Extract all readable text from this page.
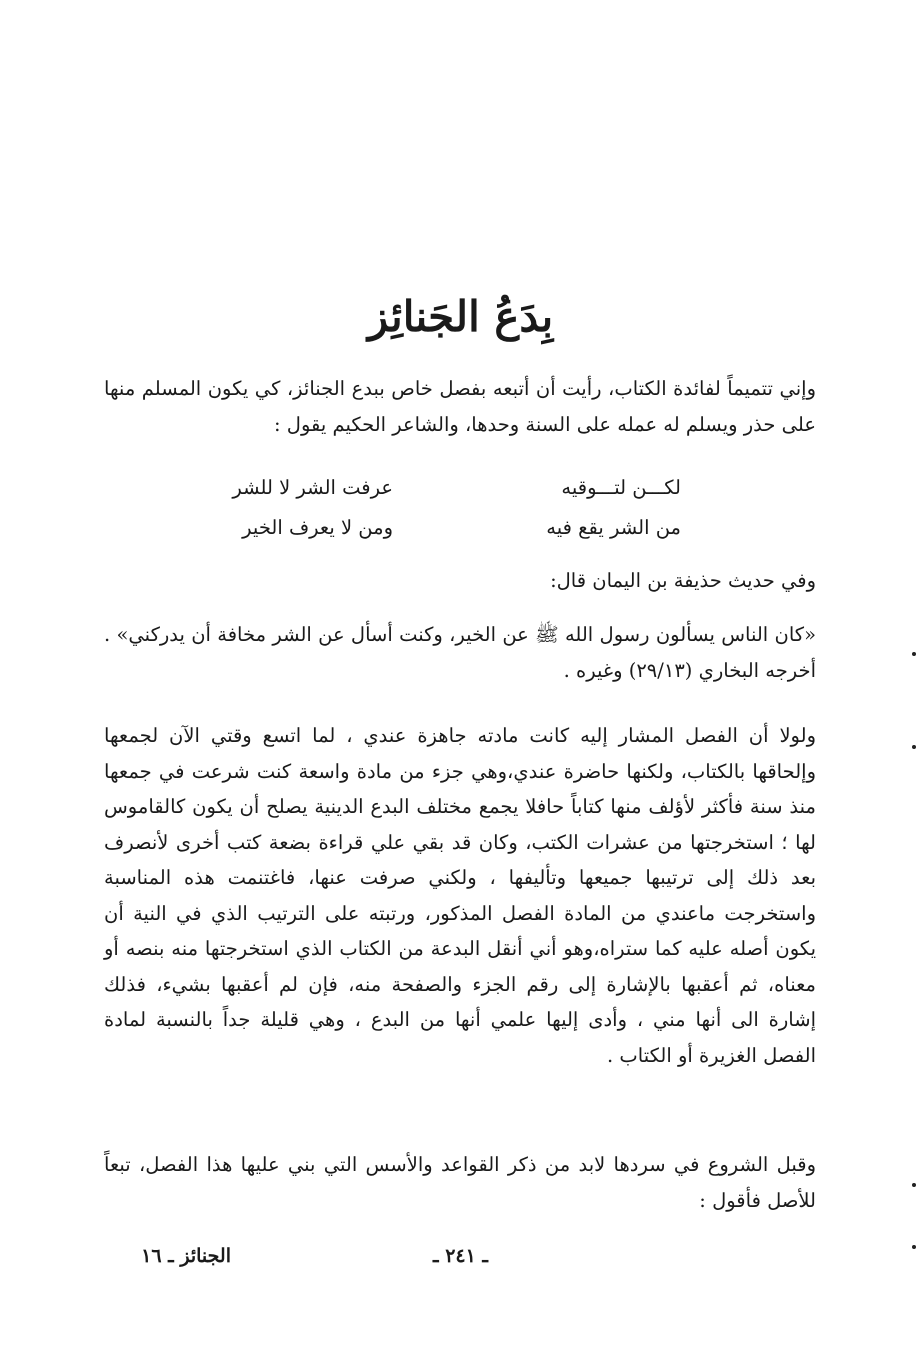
بِدَعُ الجَنائِز
وإني تتميماً لفائدة الكتاب، رأيت أن أتبعه بفصل خاص ببدع الجنائز، كي يكون المسلم منها على حذر ويسلم له عمله على السنة وحدها، والشاعر الحكيم يقول :
عرفت الشر لا للشر	لكـــن لتـــوقيه
ومن لا يعرف الخير	من الشر يقع فيه
وفي حديث حذيفة بن اليمان قال:
«كان الناس يسألون رسول الله ﷺ عن الخير، وكنت أسأل عن الشر مخافة أن يدركني» . أخرجه البخاري (٢٩/١٣) وغيره .
ولولا أن الفصل المشار إليه كانت مادته جاهزة عندي ، لما اتسع وقتي الآن لجمعها وإلحاقها بالكتاب، ولكنها حاضرة عندي،وهي جزء من مادة واسعة كنت شرعت في جمعها منذ سنة فأكثر لأؤلف منها كتاباً حافلا يجمع مختلف البدع الدينية يصلح أن يكون كالقاموس لها ؛ استخرجتها من عشرات الكتب، وكان قد بقي علي قراءة بضعة كتب أخرى لأنصرف بعد ذلك إلى ترتيبها جميعها وتأليفها ، ولكني صرفت عنها، فاغتنمت هذه المناسبة واستخرجت ماعندي من المادة الفصل المذكور، ورتبته على الترتيب الذي في النية أن يكون أصله عليه كما ستراه،وهو أني أنقل البدعة من الكتاب الذي استخرجتها منه بنصه أو معناه، ثم أعقبها بالإشارة إلى رقم الجزء والصفحة منه، فإن لم أعقبها بشيء، فذلك إشارة الى أنها مني ، وأدى إليها علمي أنها من البدع ، وهي قليلة جداً بالنسبة لمادة الفصل الغزيرة أو الكتاب .
وقبل الشروع في سردها لابد من ذكر القواعد والأسس التي بني عليها هذا الفصل، تبعاً للأصل فأقول :
ـ ٢٤١ ـ
الجنائز ـ ١٦
